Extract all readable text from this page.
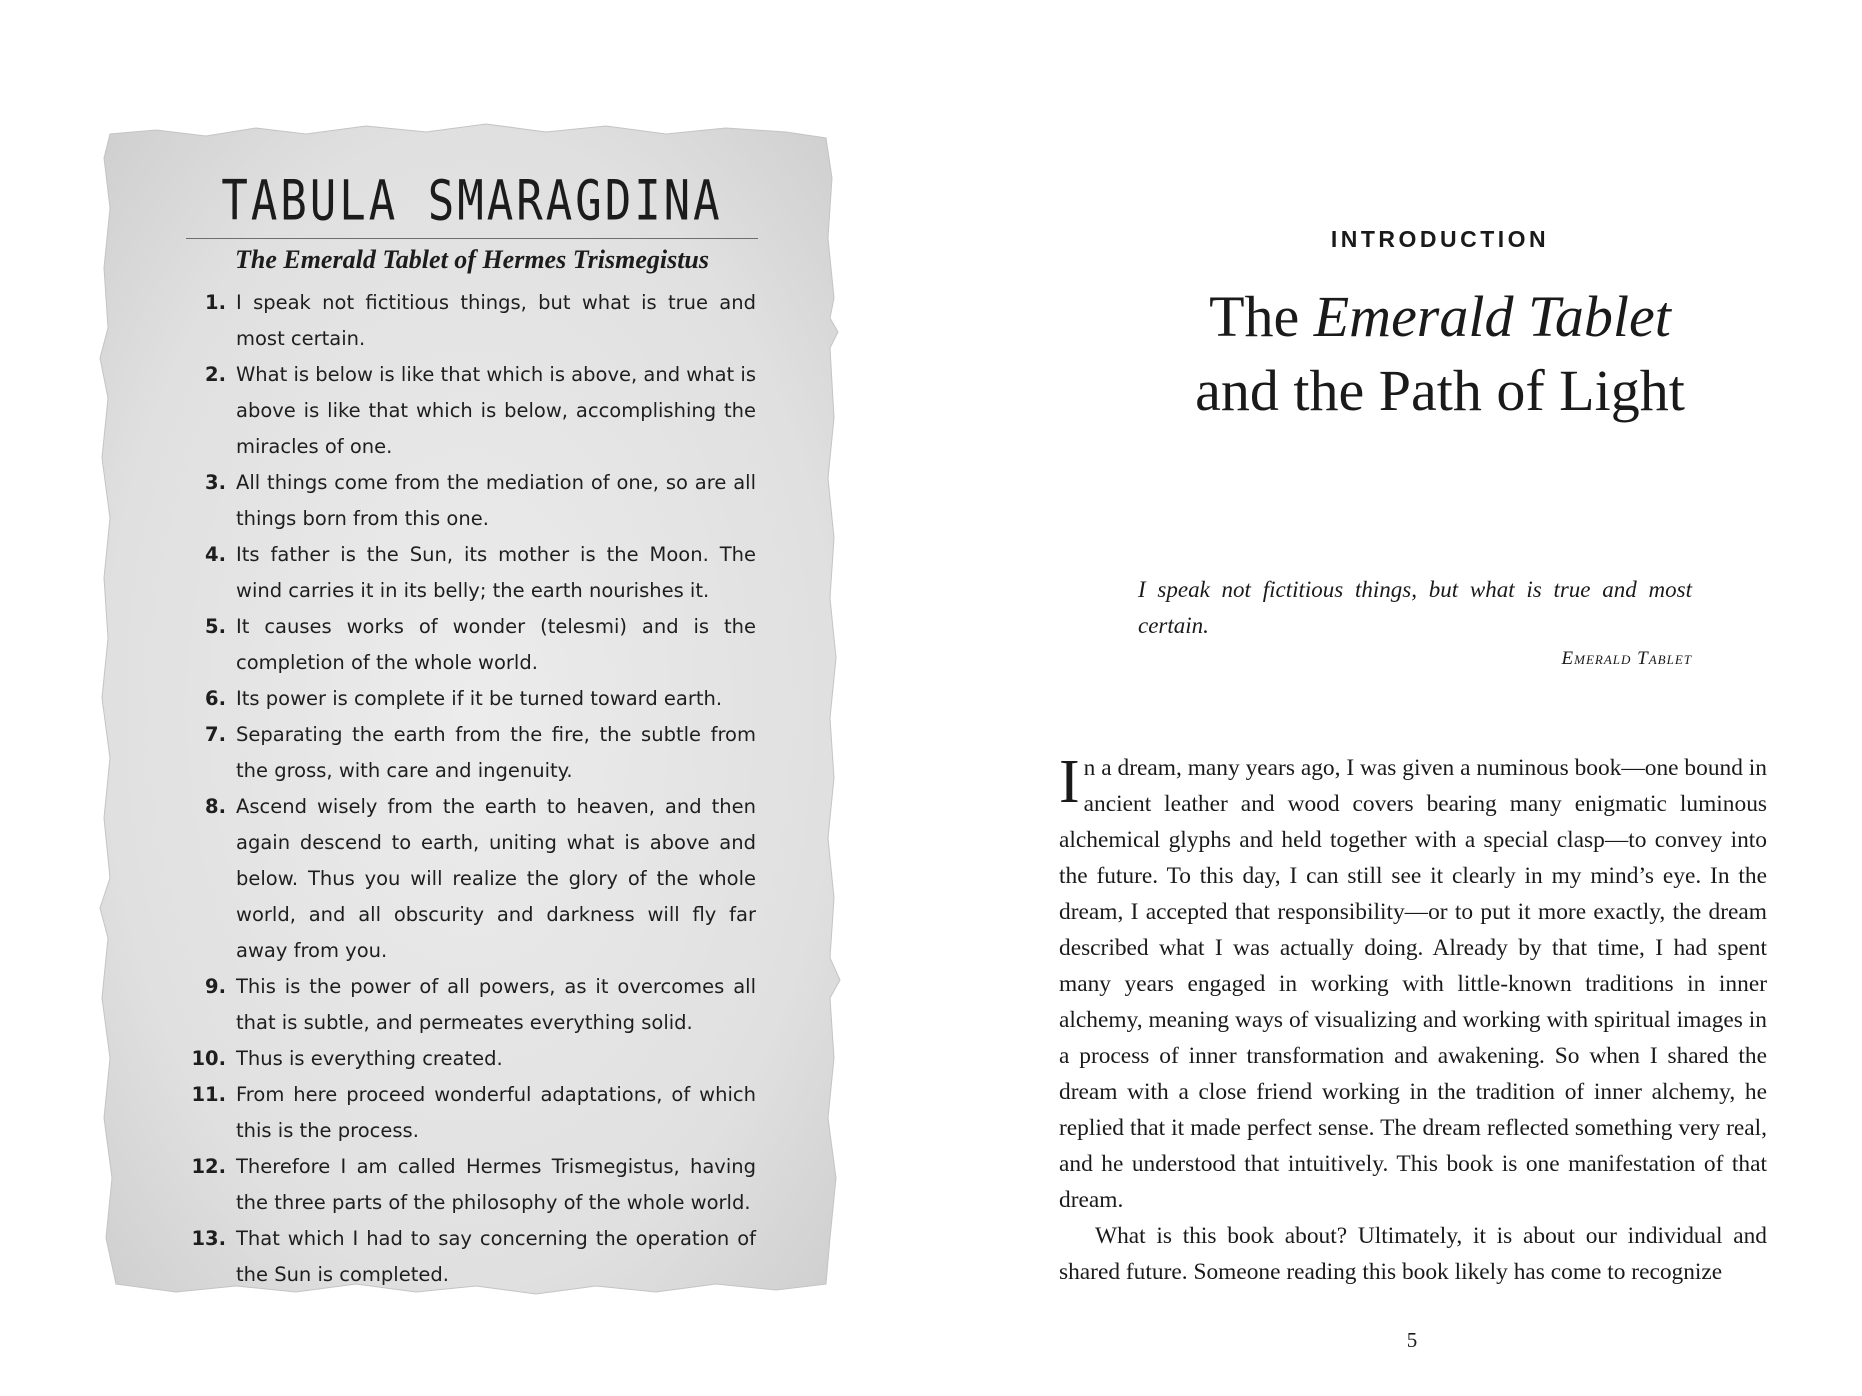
TABULA SMARAGDINA
The Emerald Tablet of Hermes Trismegistus
1. I speak not fictitious things, but what is true and most certain.
2. What is below is like that which is above, and what is above is like that which is below, accomplishing the miracles of one.
3. All things come from the mediation of one, so are all things born from this one.
4. Its father is the Sun, its mother is the Moon. The wind carries it in its belly; the earth nourishes it.
5. It causes works of wonder (telesmi) and is the completion of the whole world.
6. Its power is complete if it be turned toward earth.
7. Separating the earth from the fire, the subtle from the gross, with care and ingenuity.
8. Ascend wisely from the earth to heaven, and then again descend to earth, uniting what is above and below. Thus you will realize the glory of the whole world, and all obscurity and darkness will fly far away from you.
9. This is the power of all powers, as it overcomes all that is subtle, and permeates everything solid.
10. Thus is everything created.
11. From here proceed wonderful adaptations, of which this is the process.
12. Therefore I am called Hermes Trismegistus, having the three parts of the philosophy of the whole world.
13. That which I had to say concerning the operation of the Sun is completed.
INTRODUCTION
The Emerald Tablet
and the Path of Light
I speak not fictitious things, but what is true and most certain.
Emerald Tablet

In a dream, many years ago, I was given a numinous book—one bound in ancient leather and wood covers bearing many enigmatic luminous alchemical glyphs and held together with a special clasp—to convey into the future. To this day, I can still see it clearly in my mind’s eye. In the dream, I accepted that responsibility—or to put it more exactly, the dream described what I was actually doing. Already by that time, I had spent many years engaged in working with little-known traditions in inner alchemy, meaning ways of visualizing and working with spiritual images in a process of inner transformation and awakening. So when I shared the dream with a close friend working in the tradition of inner alchemy, he replied that it made perfect sense. The dream reflected something very real, and he understood that intuitively. This book is one manifestation of that dream.

What is this book about? Ultimately, it is about our individual and shared future. Someone reading this book likely has come to recognize

5
